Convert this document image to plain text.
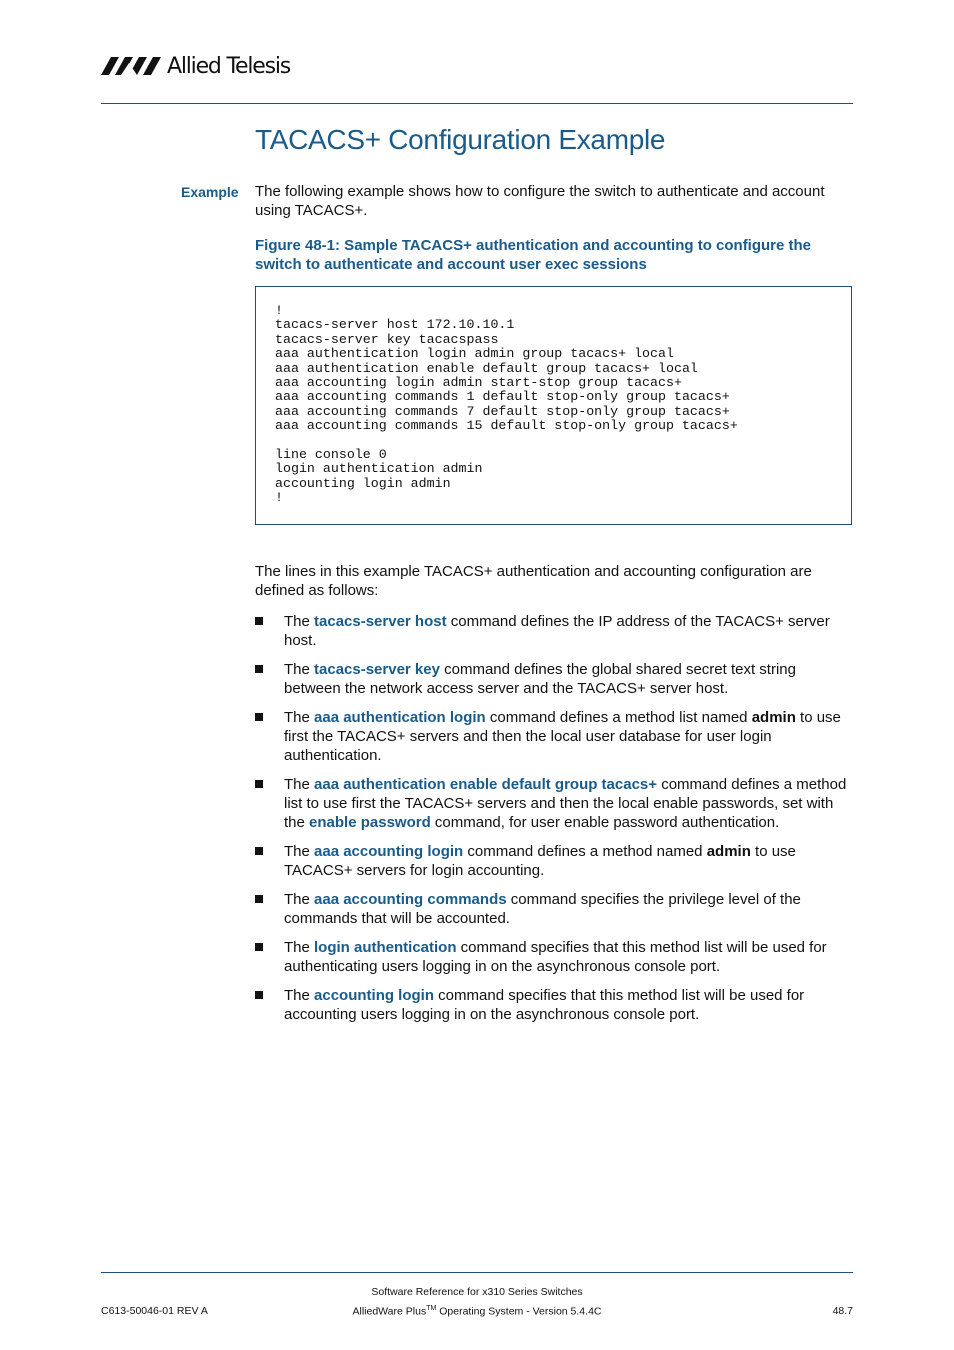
Allied Telesis
TACACS+ Configuration Example
Example The following example shows how to configure the switch to authenticate and account using TACACS+.
Figure 48-1: Sample TACACS+ authentication and accounting to configure the switch to authenticate and account user exec sessions
!
tacacs-server host 172.10.10.1
tacacs-server key tacacspass
aaa authentication login admin group tacacs+ local
aaa authentication enable default group tacacs+ local
aaa accounting login admin start-stop group tacacs+
aaa accounting commands 1 default stop-only group tacacs+
aaa accounting commands 7 default stop-only group tacacs+
aaa accounting commands 15 default stop-only group tacacs+

line console 0
login authentication admin
accounting login admin
!
The lines in this example TACACS+ authentication and accounting configuration are defined as follows:
The tacacs-server host command defines the IP address of the TACACS+ server host.
The tacacs-server key command defines the global shared secret text string between the network access server and the TACACS+ server host.
The aaa authentication login command defines a method list named admin to use first the TACACS+ servers and then the local user database for user login authentication.
The aaa authentication enable default group tacacs+ command defines a method list to use first the TACACS+ servers and then the local enable passwords, set with the enable password command, for user enable password authentication.
The aaa accounting login command defines a method named admin to use TACACS+ servers for login accounting.
The aaa accounting commands command specifies the privilege level of the commands that will be accounted.
The login authentication command specifies that this method list will be used for authenticating users logging in on the asynchronous console port.
The accounting login command specifies that this method list will be used for accounting users logging in on the asynchronous console port.
Software Reference for x310 Series Switches
AlliedWare Plus™ Operating System - Version 5.4.4C
C613-50046-01 REV A	48.7
